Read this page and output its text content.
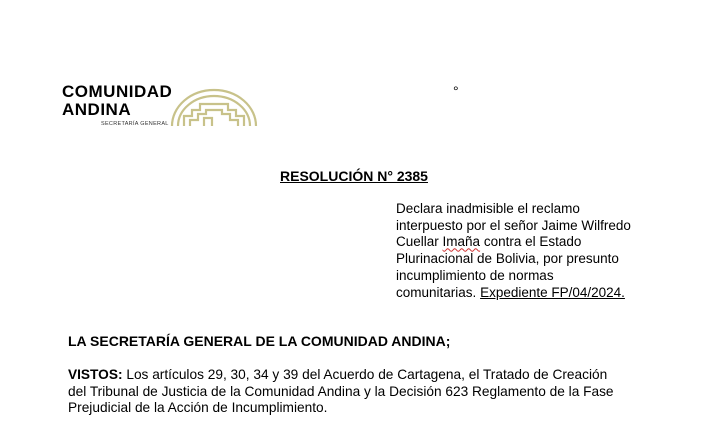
COMUNIDAD
ANDINA
SECRETARÍA GENERAL
°
RESOLUCIÓN N° 2385
Declara inadmisible el reclamo
interpuesto por el señor Jaime Wilfredo
Cuellar Imaña contra el Estado
Plurinacional de Bolivia, por presunto
incumplimiento de normas
comunitarias. Expediente FP/04/2024.
LA SECRETARÍA GENERAL DE LA COMUNIDAD ANDINA;
VISTOS: Los artículos 29, 30, 34 y 39 del Acuerdo de Cartagena, el Tratado de Creación
del Tribunal de Justicia de la Comunidad Andina y la Decisión 623 Reglamento de la Fase
Prejudicial de la Acción de Incumplimiento.
